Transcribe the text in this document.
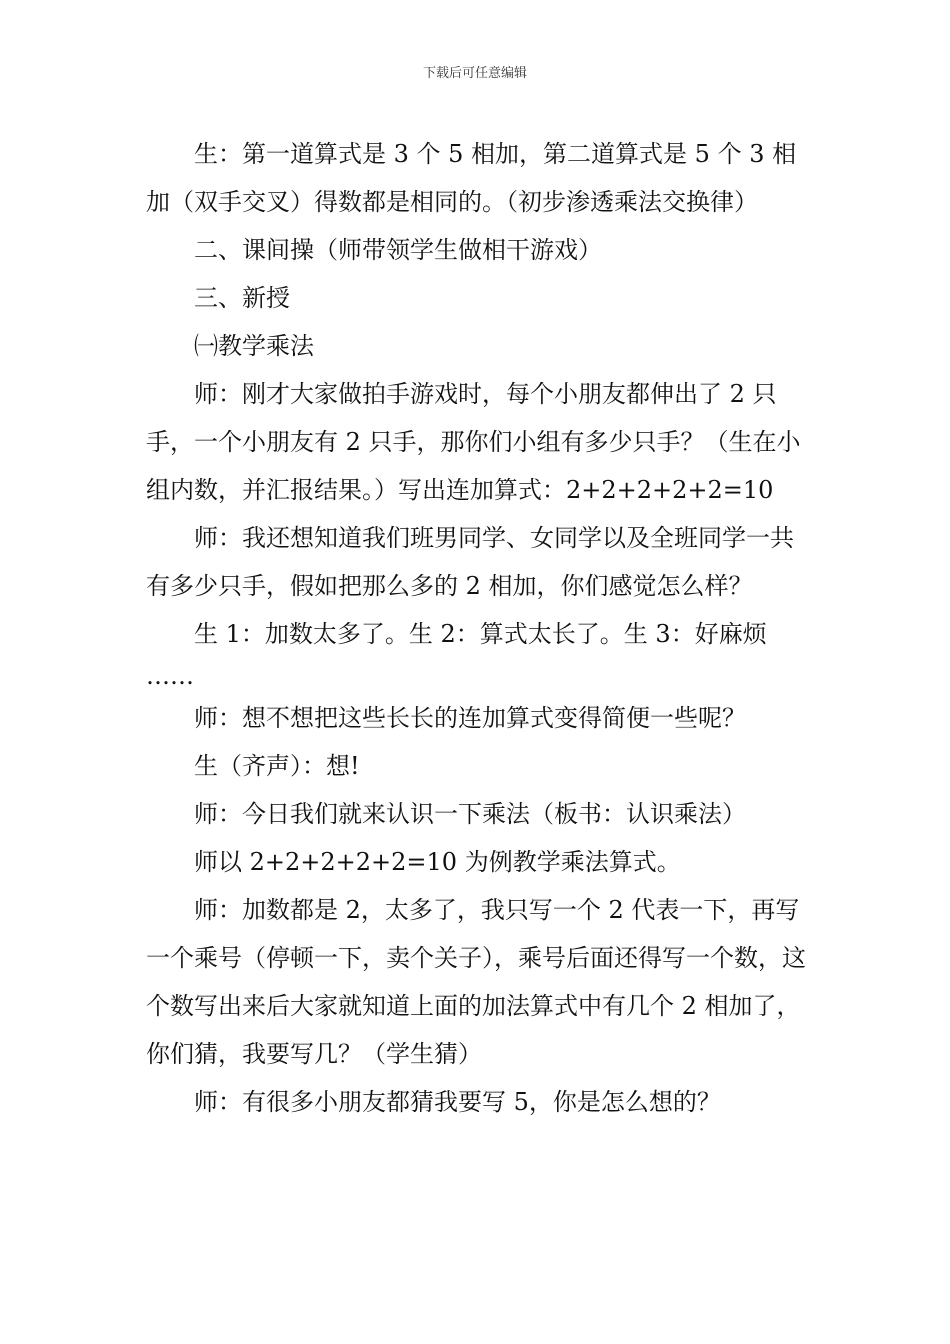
下载后可任意编辑

生：第一道算式是 3 个 5 相加，第二道算式是 5 个 3 相加（双手交叉）得数都是相同的。（初步渗透乘法交换律）

二、课间操（师带领学生做相干游戏）

三、新授

㈠教学乘法

师：刚才大家做拍手游戏时，每个小朋友都伸出了 2 只手，一个小朋友有 2 只手，那你们小组有多少只手？（生在小组内数，并汇报结果。）写出连加算式：2+2+2+2+2=10

师：我还想知道我们班男同学、女同学以及全班同学一共有多少只手，假如把那么多的 2 相加，你们感觉怎么样？

生 1：加数太多了。生 2：算式太长了。生 3：好麻烦

……

师：想不想把这些长长的连加算式变得简便一些呢？

生（齐声）：想!

师：今日我们就来认识一下乘法（板书：认识乘法）

师以 2+2+2+2+2=10 为例教学乘法算式。

师：加数都是 2，太多了，我只写一个 2 代表一下，再写一个乘号（停顿一下，卖个关子），乘号后面还得写一个数，这个数写出来后大家就知道上面的加法算式中有几个 2 相加了，你们猜，我要写几？（学生猜）

师：有很多小朋友都猜我要写 5，你是怎么想的？
